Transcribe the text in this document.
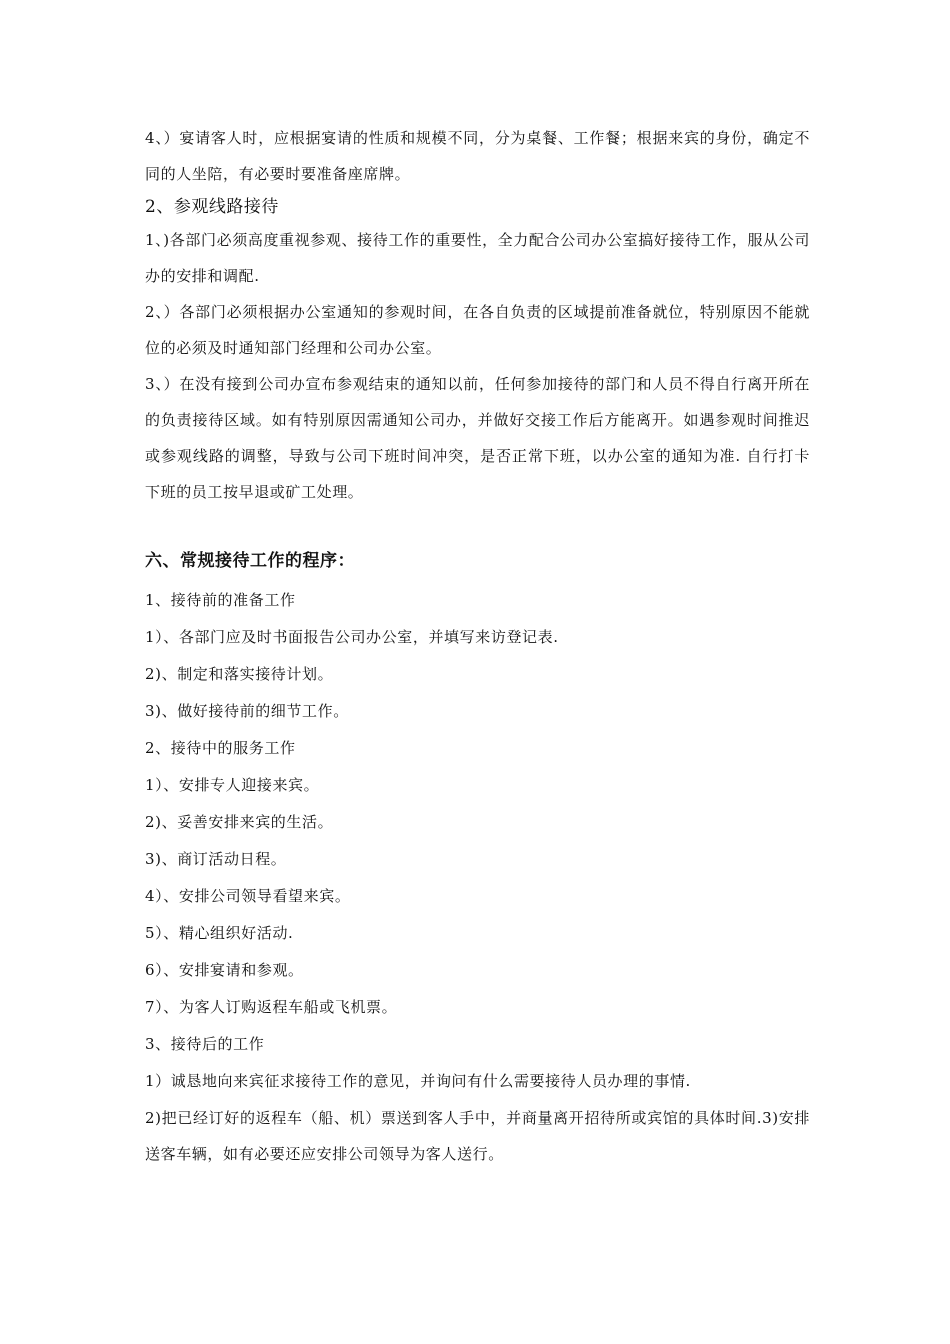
4、）宴请客人时，应根据宴请的性质和规模不同，分为桌餐、工作餐；根据来宾的身份，确定不同的人坐陪，有必要时要准备座席牌。

2、参观线路接待

1、)各部门必须高度重视参观、接待工作的重要性，全力配合公司办公室搞好接待工作，服从公司办的安排和调配.

2、）各部门必须根据办公室通知的参观时间，在各自负责的区域提前准备就位，特别原因不能就位的必须及时通知部门经理和公司办公室。

3、）在没有接到公司办宣布参观结束的通知以前，任何参加接待的部门和人员不得自行离开所在的负责接待区域。如有特别原因需通知公司办，并做好交接工作后方能离开。如遇参观时间推迟或参观线路的调整，导致与公司下班时间冲突，是否正常下班，以办公室的通知为准. 自行打卡下班的员工按早退或矿工处理。

六、常规接待工作的程序：

1、接待前的准备工作

1）、各部门应及时书面报告公司办公室，并填写来访登记表.

2)、制定和落实接待计划。

3)、做好接待前的细节工作。

2、接待中的服务工作

1）、安排专人迎接来宾。

2)、妥善安排来宾的生活。

3)、商订活动日程。

4）、安排公司领导看望来宾。

5）、精心组织好活动.

6）、安排宴请和参观。

7）、为客人订购返程车船或飞机票。

3、接待后的工作

1）诚恳地向来宾征求接待工作的意见，并询问有什么需要接待人员办理的事情.

2)把已经订好的返程车（船、机）票送到客人手中，并商量离开招待所或宾馆的具体时间.3)安排送客车辆，如有必要还应安排公司领导为客人送行。
